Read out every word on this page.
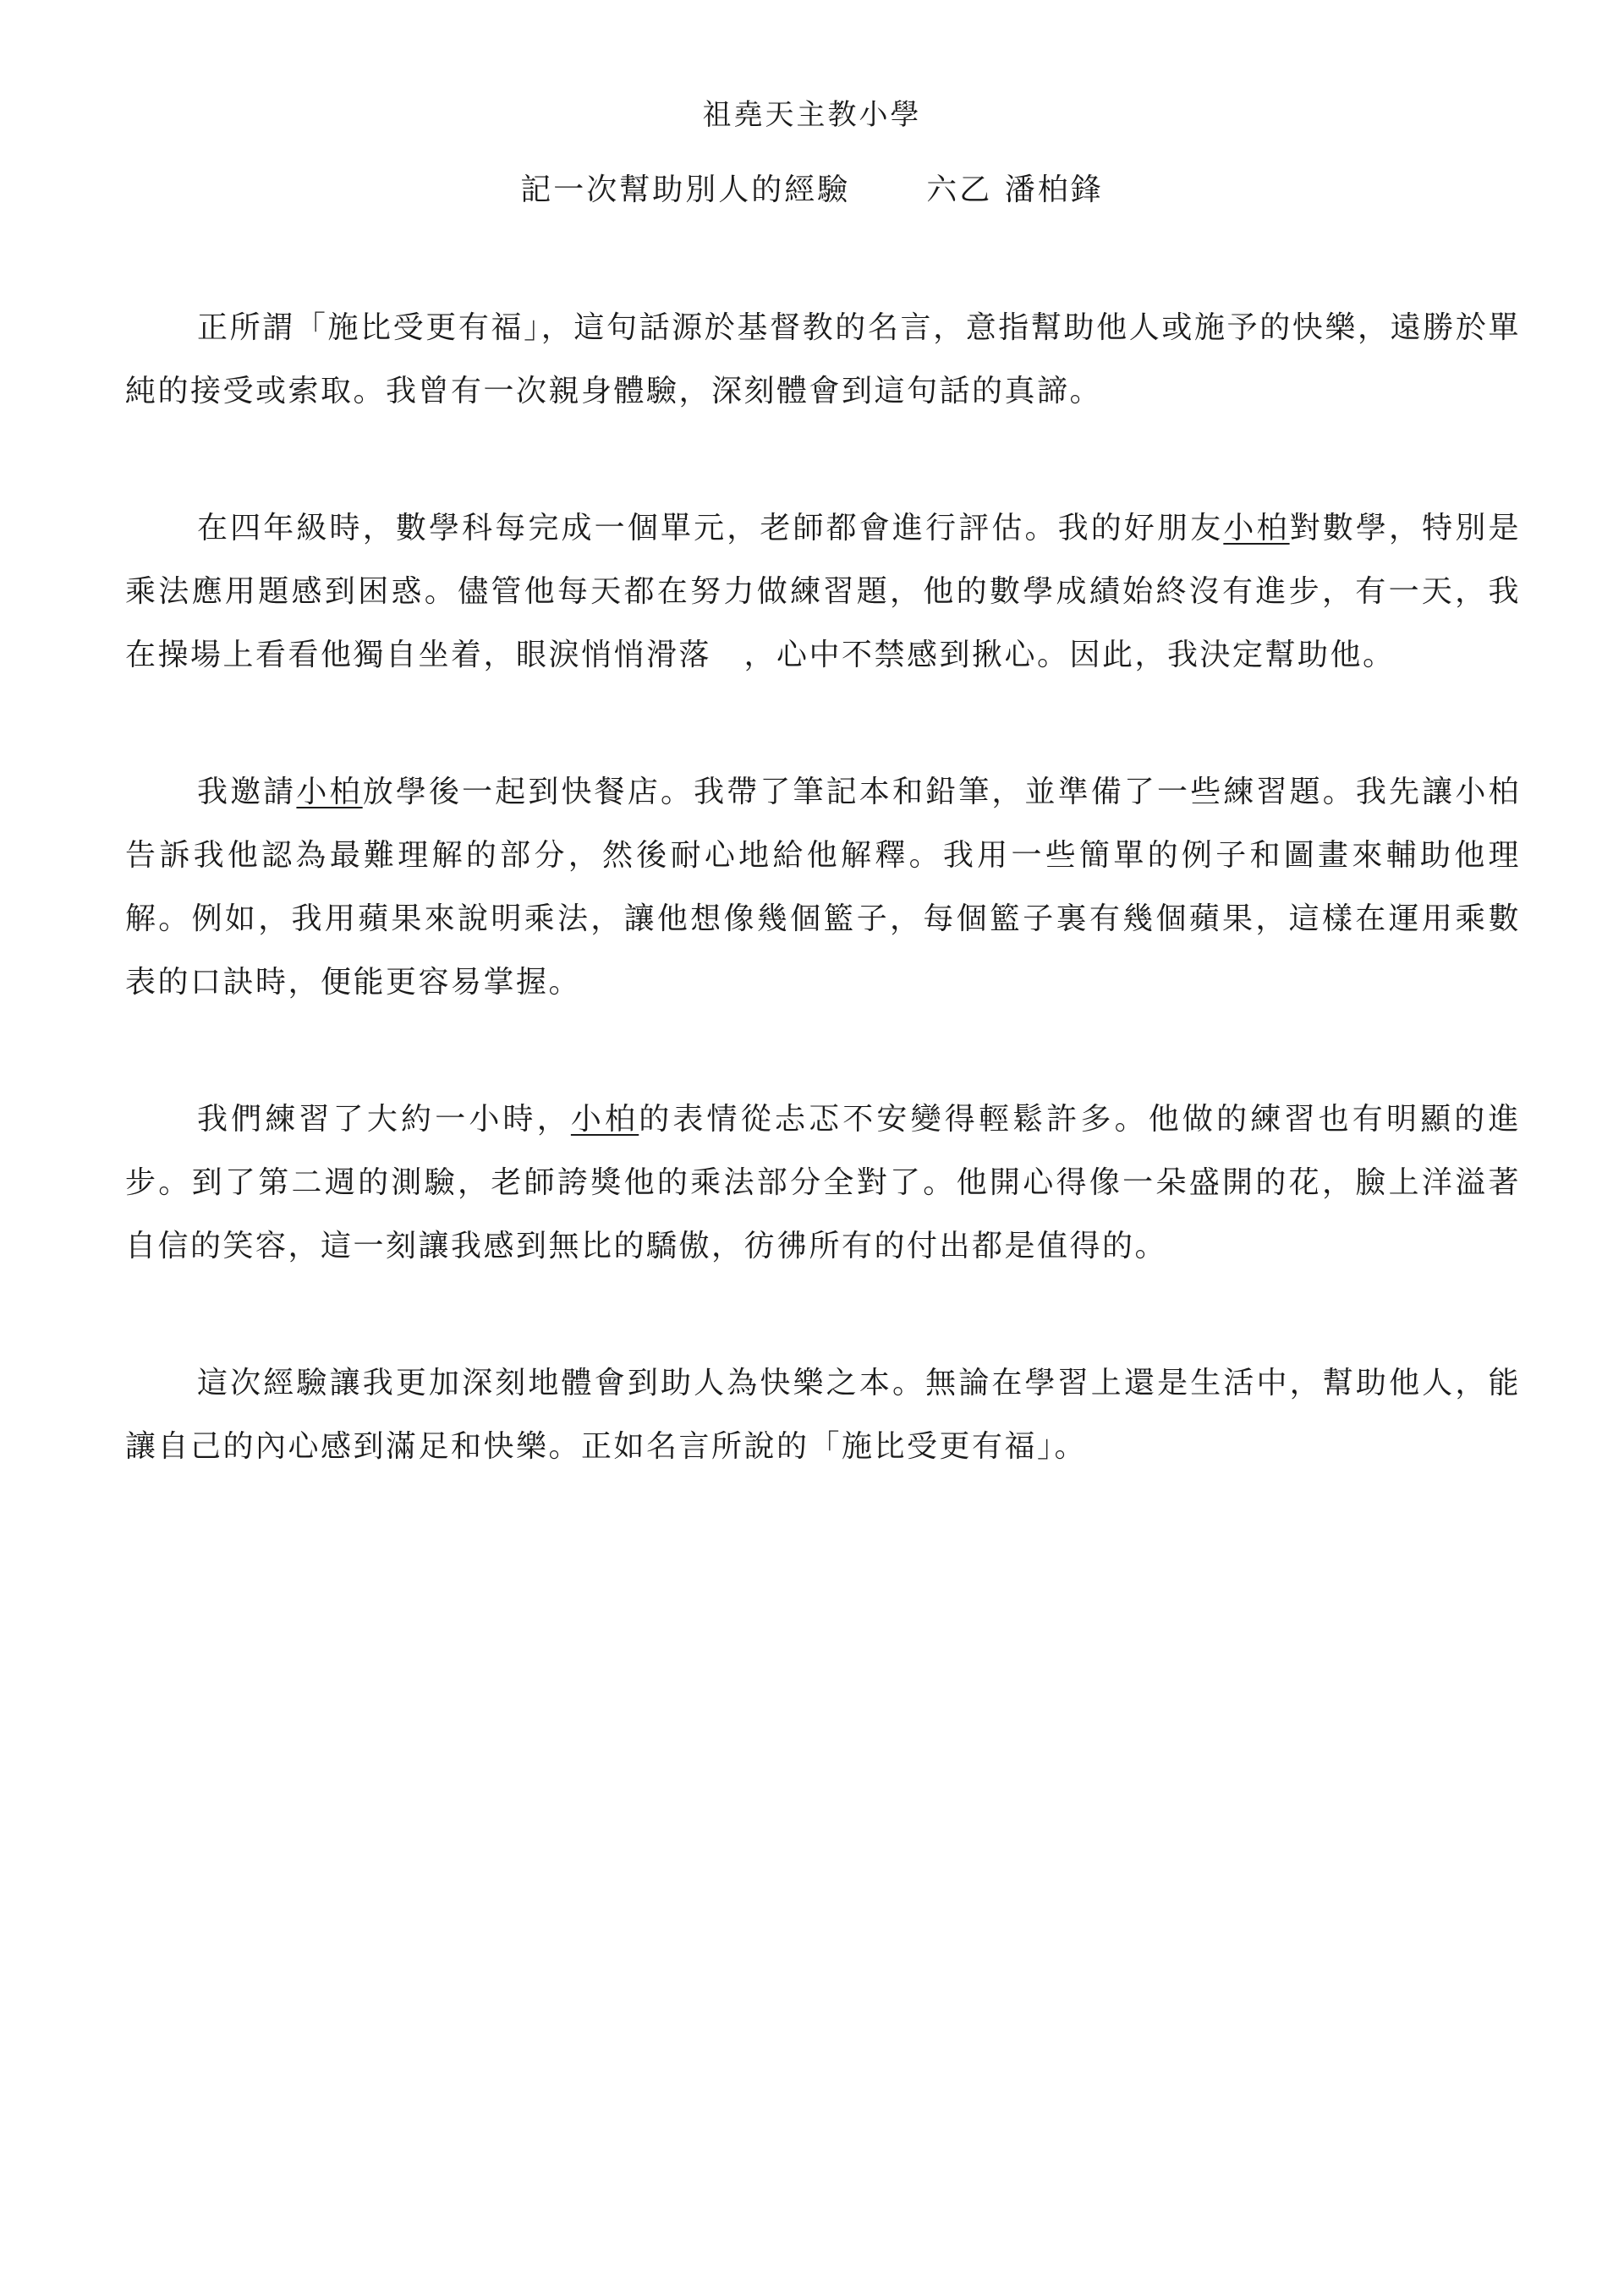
祖堯天主教小學
記一次幫助別人的經驗	六乙 潘柏鋒

正所謂「施比受更有福」，這句話源於基督教的名言，意指幫助他人或施予的快樂，遠勝於單純的接受或索取。我曾有一次親身體驗，深刻體會到這句話的真諦。

在四年級時，數學科每完成一個單元，老師都會進行評估。我的好朋友小柏對數學，特別是乘法應用題感到困惑。儘管他每天都在努力做練習題，他的數學成績始終沒有進步，有一天，我在操場上看看他獨自坐着，眼淚悄悄滑落　，心中不禁感到揪心。因此，我決定幫助他。

我邀請小柏放學後一起到快餐店。我帶了筆記本和鉛筆，並準備了一些練習題。我先讓小柏告訴我他認為最難理解的部分，然後耐心地給他解釋。我用一些簡單的例子和圖畫來輔助他理解。例如，我用蘋果來說明乘法，讓他想像幾個籃子，每個籃子裏有幾個蘋果，這樣在運用乘數表的口訣時，便能更容易掌握。

我們練習了大約一小時，小柏的表情從忐忑不安變得輕鬆許多。他做的練習也有明顯的進步。到了第二週的測驗，老師誇獎他的乘法部分全對了。他開心得像一朵盛開的花，臉上洋溢著自信的笑容，這一刻讓我感到無比的驕傲，彷彿所有的付出都是值得的。

這次經驗讓我更加深刻地體會到助人為快樂之本。無論在學習上還是生活中，幫助他人，能讓自己的內心感到滿足和快樂。正如名言所說的「施比受更有福」。
